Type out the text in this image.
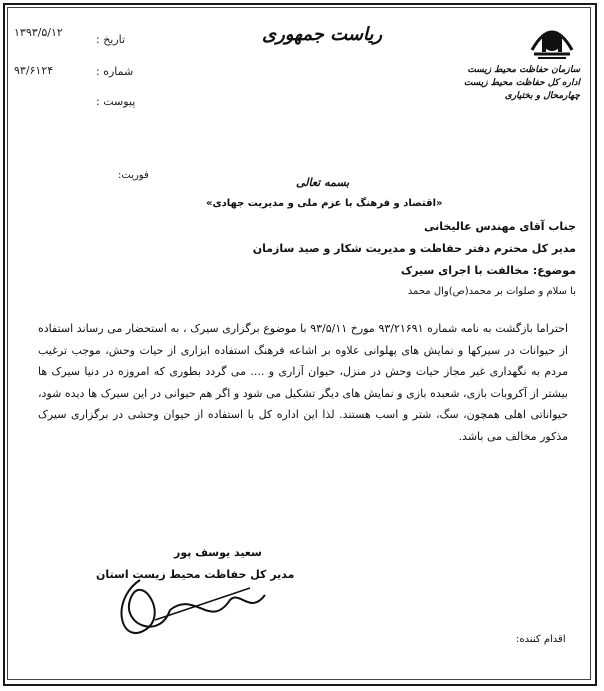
۱۳۹۳/۵/۱۲
تاریخ :
۹۳/۶۱۲۴	شماره :
پیوست :
ریاست جمهوری
سازمان حفاظت محیط زیست
اداره کل حفاظت محیط زیست
چهارمحال و بختیاری
فوریت:
بسمه تعالی
«اقتصاد و فرهنگ با عزم ملی و مدیریت جهادی»
جناب آقای مهندس عالیخانی
مدیر کل محترم دفتر حفاظت و مدیریت شکار و صید سازمان
موضوع: مخالفت با اجرای سیرک
با سلام و صلوات بر محمد(ص)وال محمد

احتراما بازگشت به نامه شماره ۹۳/۲۱۶۹۱ مورخ ۹۳/۵/۱۱ با موضوع برگزاری سیرک ، به استحضار می رساند استفاده از حیوانات در سیرکها و نمایش های پهلوانی علاوه بر اشاعه فرهنگ استفاده ابزاری از حیات وحش، موجب ترغیب مردم به نگهداری غیر مجاز حیات وحش در منزل، حیوان آزاری و .... می گردد بطوری که امروزه در دنیا سیرک ها بیشتر از آکروبات بازی، شعبده بازی و نمایش های دیگر تشکیل می شود و اگر هم حیوانی در این سیرک ها دیده شود، حیواناتی اهلی همچون، سگ، شتر و اسب هستند. لذا این اداره کل با استفاده از حیوان وحشی در برگزاری سیرک مذکور مخالف می باشد.

سعید یوسف پور
مدیر کل حفاظت محیط زیست استان
اقدام کننده:
